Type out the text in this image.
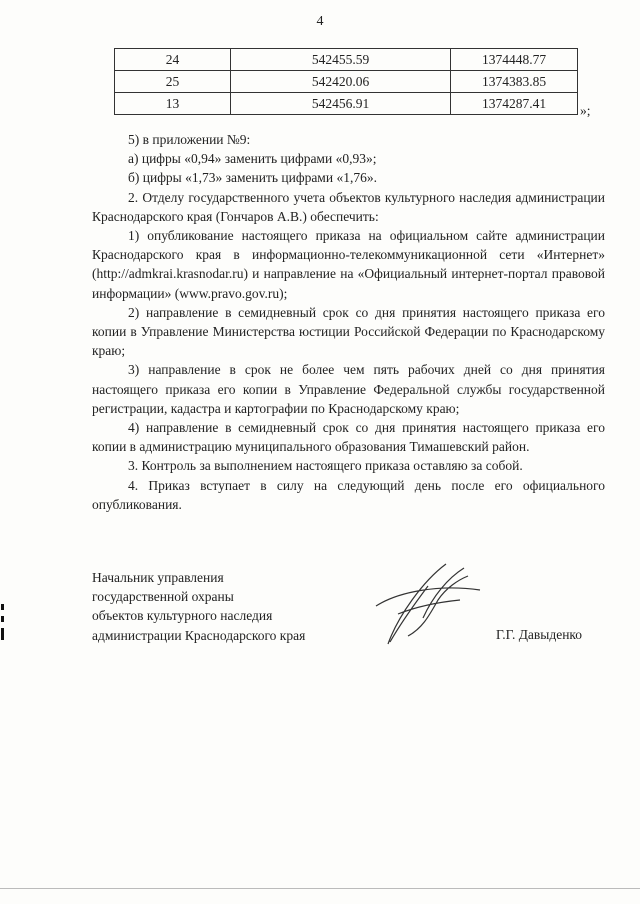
4
24	542455.59	1374448.77
25	542420.06	1374383.85
13	542456.91	1374287.41	»;

5) в приложении №9:

а) цифры «0,94» заменить цифрами «0,93»;

б) цифры «1,73» заменить цифрами «1,76».

2. Отделу государственного учета объектов культурного наследия администрации Краснодарского края (Гончаров А.В.) обеспечить:

1) опубликование настоящего приказа на официальном сайте администрации Краснодарского края в информационно-телекоммуникационной сети «Интернет» (http://admkrai.krasnodar.ru) и направление на «Официальный интернет-портал правовой информации» (www.pravo.gov.ru);

2) направление в семидневный срок со дня принятия настоящего приказа его копии в Управление Министерства юстиции Российской Федерации по Краснодарскому краю;

3) направление в срок не более чем пять рабочих дней со дня принятия настоящего приказа его копии в Управление Федеральной службы государственной регистрации, кадастра и картографии по Краснодарскому краю;

4) направление в семидневный срок со дня принятия настоящего приказа его копии в администрацию муниципального образования Тимашевский район.

3. Контроль за выполнением настоящего приказа оставляю за собой.

4. Приказ вступает в силу на следующий день после его официального опубликования.

Начальник управления
государственной охраны
объектов культурного наследия
администрации Краснодарского края	Г.Г. Давыденко
